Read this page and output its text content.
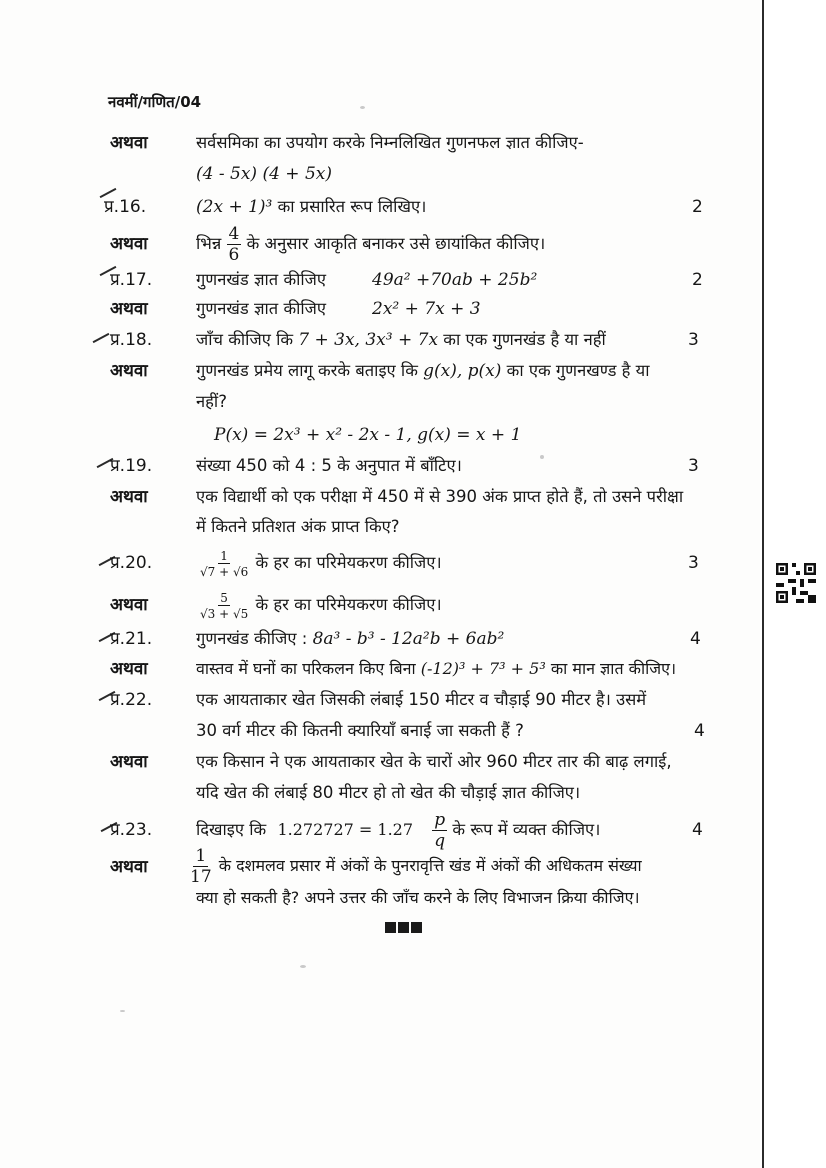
नवमीं/गणित/04
अथवा	सर्वसमिका का उपयोग करके निम्नलिखित गुणनफल ज्ञात कीजिए-
(4 - 5x) (4 + 5x)
प्र.16.	(2x + 1)³ का प्रसारित रूप लिखिए।	2
अथवा	भिन्न $\frac{4}{6}$ के अनुसार आकृति बनाकर उसे छायांकित कीजिए।
प्र.17.	गुणनखंड ज्ञात कीजिए	49a² +70ab + 25b²	2
अथवा	गुणनखंड ज्ञात कीजिए	2x² + 7x + 3
प्र.18.	जाँच कीजिए कि 7 + 3x, 3x³ + 7x का एक गुणनखंड है या नहीं	3
अथवा	गुणनखंड प्रमेय लागू करके बताइए कि g(x), p(x) का एक गुणनखण्ड है या
नहीं?
P(x) = 2x³ + x² - 2x - 1, g(x) = x + 1
प्र.19.	संख्या 450 को 4 : 5 के अनुपात में बाँटिए।	3
अथवा	एक विद्यार्थी को एक परीक्षा में 450 में से 390 अंक प्राप्त होते हैं, तो उसने परीक्षा
में कितने प्रतिशत अंक प्राप्त किए?
प्र.20.	$\frac{1}{√7 + √6}$ के हर का परिमेयकरण कीजिए।	3
अथवा	$\frac{5}{√3 + √5}$ के हर का परिमेयकरण कीजिए।
प्र.21.	गुणनखंड कीजिए : 8a³ - b³ - 12a²b + 6ab²	4
अथवा	वास्तव में घनों का परिकलन किए बिना (-12)³ + 7³ + 5³ का मान ज्ञात कीजिए।
प्र.22.	एक आयताकार खेत जिसकी लंबाई 150 मीटर व चौड़ाई 90 मीटर है। उसमें
30 वर्ग मीटर की कितनी क्यारियाँ बनाई जा सकती हैं ?	4
अथवा	एक किसान ने एक आयताकार खेत के चारों ओर 960 मीटर तार की बाढ़ लगाई,
यदि खेत की लंबाई 80 मीटर हो तो खेत की चौड़ाई ज्ञात कीजिए।
प्र.23.	दिखाइए कि $1.272727 = 1.27 \frac{p}{q}$ के रूप में व्यक्त कीजिए।	4
अथवा $\frac{1}{17}$ के दशमलव प्रसार में अंकों के पुनरावृत्ति खंड में अंकों की अधिकतम संख्या
क्या हो सकती है? अपने उत्तर की जाँच करने के लिए विभाजन क्रिया कीजिए।
